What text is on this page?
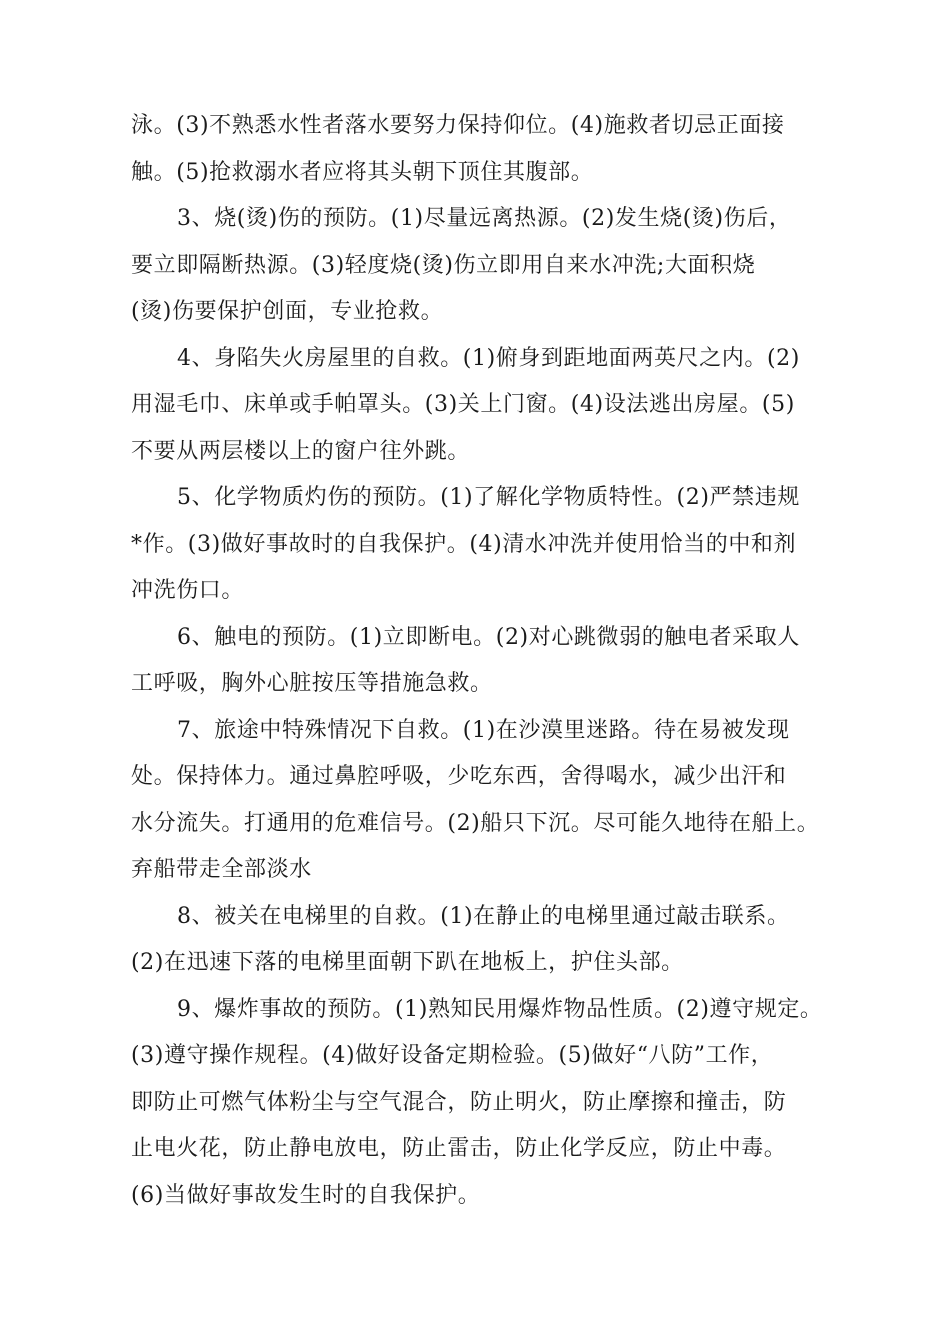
泳。(3)不熟悉水性者落水要努力保持仰位。(4)施救者切忌正面接
触。(5)抢救溺水者应将其头朝下顶住其腹部。
3、烧(烫)伤的预防。(1)尽量远离热源。(2)发生烧(烫)伤后，
要立即隔断热源。(3)轻度烧(烫)伤立即用自来水冲洗;大面积烧
(烫)伤要保护创面，专业抢救。
4、身陷失火房屋里的自救。(1)俯身到距地面两英尺之内。(2)
用湿毛巾、床单或手帕罩头。(3)关上门窗。(4)设法逃出房屋。(5)
不要从两层楼以上的窗户往外跳。
5、化学物质灼伤的预防。(1)了解化学物质特性。(2)严禁违规
*作。(3)做好事故时的自我保护。(4)清水冲洗并使用恰当的中和剂
冲洗伤口。
6、触电的预防。(1)立即断电。(2)对心跳微弱的触电者采取人
工呼吸，胸外心脏按压等措施急救。
7、旅途中特殊情况下自救。(1)在沙漠里迷路。待在易被发现
处。保持体力。通过鼻腔呼吸，少吃东西，舍得喝水，减少出汗和
水分流失。打通用的危难信号。(2)船只下沉。尽可能久地待在船上。
弃船带走全部淡水
8、被关在电梯里的自救。(1)在静止的电梯里通过敲击联系。
(2)在迅速下落的电梯里面朝下趴在地板上，护住头部。
9、爆炸事故的预防。(1)熟知民用爆炸物品性质。(2)遵守规定。
(3)遵守操作规程。(4)做好设备定期检验。(5)做好“八防”工作，
即防止可燃气体粉尘与空气混合，防止明火，防止摩擦和撞击，防
止电火花，防止静电放电，防止雷击，防止化学反应，防止中毒。
(6)当做好事故发生时的自我保护。
